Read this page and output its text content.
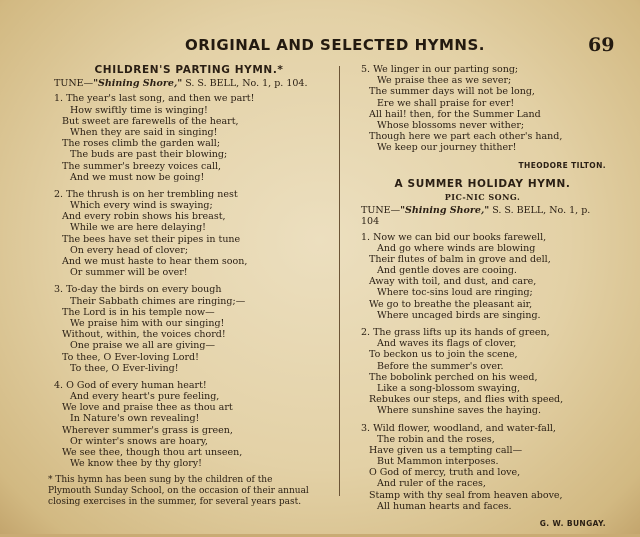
ORIGINAL AND SELECTED HYMNS.	69
CHILDREN'S PARTING HYMN.*
TUNE—"Shining Shore," S. S. BELL, No. 1, p. 104.
1. The year's last song, and then we part!
How swiftly time is winging!
But sweet are farewells of the heart,
When they are said in singing!
The roses climb the garden wall;
The buds are past their blowing;
The summer's breezy voices call,
And we must now be going!
2. The thrush is on her trembling nest
Which every wind is swaying;
And every robin shows his breast,
While we are here delaying!
The bees have set their pipes in tune
On every head of clover;
And we must haste to hear them soon,
Or summer will be over!
3. To-day the birds on every bough
Their Sabbath chimes are ringing;—
The Lord is in his temple now—
We praise him with our singing!
Without, within, the voices chord!
One praise we all are giving—
To thee, O Ever-loving Lord!
To thee, O Ever-living!
4. O God of every human heart!
And every heart's pure feeling,
We love and praise thee as thou art
In Nature's own revealing!
Wherever summer's grass is green,
Or winter's snows are hoary,
We see thee, though thou art unseen,
We know thee by thy glory!
* This hymn has been sung by the children of the
Plymouth Sunday School, on the occasion of their annual
closing exercises in the summer, for several years past.
5. We linger in our parting song;
We praise thee as we sever;
The summer days will not be long,
Ere we shall praise for ever!
All hail! then, for the Summer Land
Whose blossoms never wither;
Though here we part each other's hand,
We keep our journey thither!
THEODORE TILTON.
A SUMMER HOLIDAY HYMN.
PIC-NIC SONG.
TUNE—"Shining Shore," S. S. BELL, No. 1, p. 104
1. Now we can bid our books farewell,
And go where winds are blowing
Their flutes of balm in grove and dell,
And gentle doves are cooing.
Away with toil, and dust, and care,
Where toc-sins loud are ringing;
We go to breathe the pleasant air,
Where uncaged birds are singing.
2. The grass lifts up its hands of green,
And waves its flags of clover,
To beckon us to join the scene,
Before the summer's over.
The bobolink perched on his weed,
Like a song-blossom swaying,
Rebukes our steps, and flies with speed,
Where sunshine saves the haying.
3. Wild flower, woodland, and water-fall,
The robin and the roses,
Have given us a tempting call—
But Mammon interposes.
O God of mercy, truth and love,
And ruler of the races,
Stamp with thy seal from heaven above,
All human hearts and faces.
G. W. BUNGAY.
